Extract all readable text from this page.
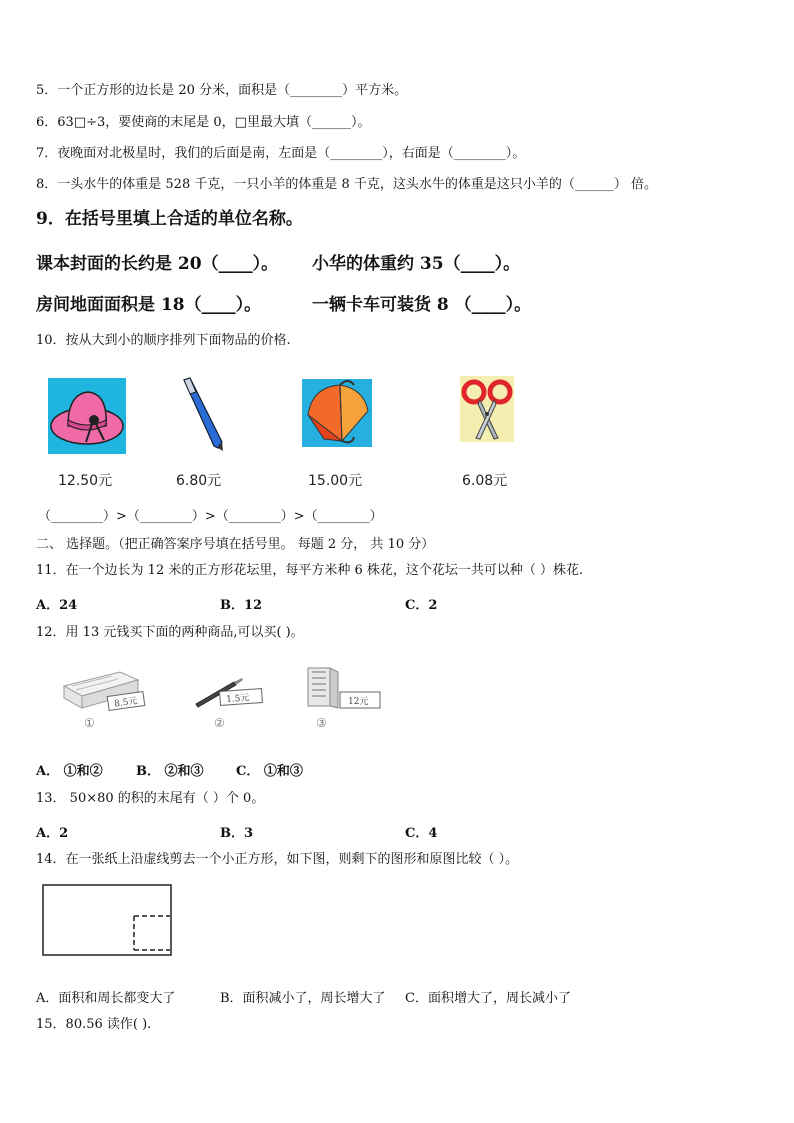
5．一个正方形的边长是 20 分米，面积是（________）平方米。
6．63□÷3，要使商的末尾是 0，□里最大填（______）。
7．夜晚面对北极星时，我们的后面是南，左面是（________），右面是（________）。
8．一头水牛的体重是 528 千克，一只小羊的体重是 8 千克，这头水牛的体重是这只小羊的（______） 倍。
9．在括号里填上合适的单位名称。
课本封面的长约是 20（____）。 小华的体重约 35（____）。
房间地面面积是 18（____）。	一辆卡车可装货 8 （____）。
10．按从大到小的顺序排列下面物品的价格.
12.50元	6.80元	15.00元	6.08元
（________）>（________）>（________）>（________）
二、 选择题。（把正确答案序号填在括号里。 每题 2 分， 共 10 分）
11．在一个边长为 12 米的正方形花坛里，每平方米种 6 株花，这个花坛一共可以种（ ）株花.
A．24	B．12	C．2
12．用 13 元钱买下面的两种商品,可以买( )。
8.5元
①
1.5元
②
12元
③
A． ①和②	B． ②和③ C． ①和③
13． 50×80 的积的末尾有（ ）个 0。
A．2	B．3	C．4
14．在一张纸上沿虚线剪去一个小正方形，如下图，则剩下的图形和原图比较（ ）。
A．面积和周长都变大了	B．面积减小了，周长增大了 C．面积增大了，周长减小了
15．80.56 读作( ).
